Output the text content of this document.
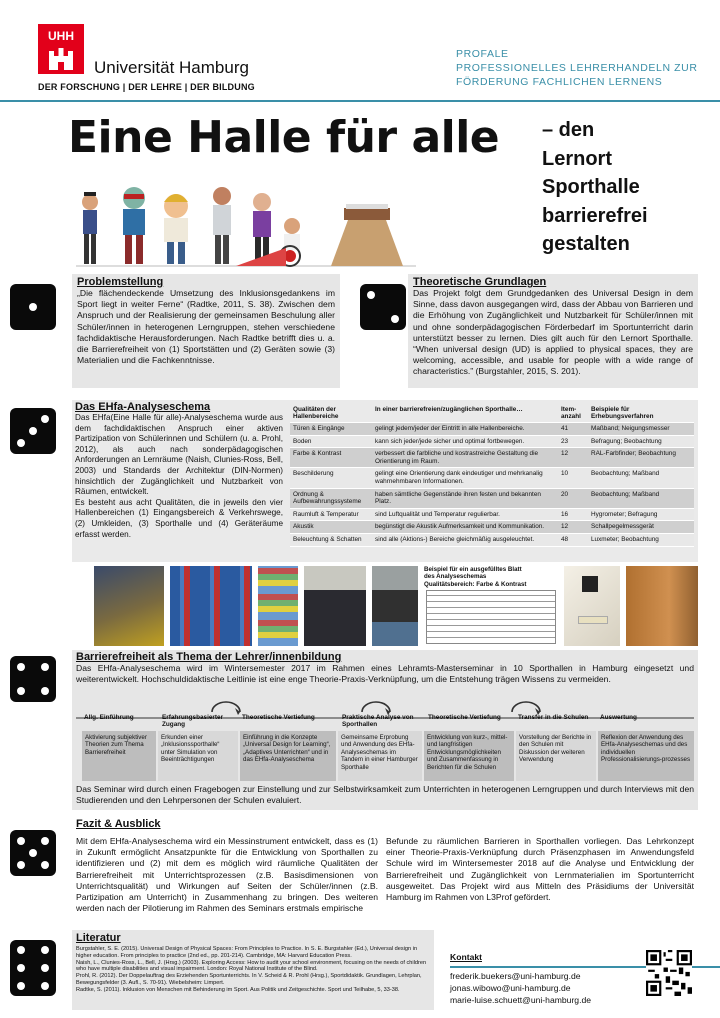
UHH
Universität Hamburg
DER FORSCHUNG | DER LEHRE | DER BILDUNG
PROFALE
PROFESSIONELLES LEHRERHANDELN ZUR
FÖRDERUNG FACHLICHEN LERNENS
Eine Halle für alle – den
Lernort
Sporthalle
barrierefrei
gestalten
Problemstellung
„Die flächendeckende Umsetzung des Inklusionsgedankens im Sport liegt in weiter Ferne“ (Radtke, 2011, S. 38). Zwischen dem Anspruch und der Realisierung der gemeinsamen Beschulung aller Schüler/innen in heterogenen Lerngruppen, stehen verschiedene fachdidaktische Herausforderungen. Nach Radtke betrifft dies u. a. die Barrierefreiheit von (1) Sportstätten und (2) Geräten sowie (3) Materialien und die Fachkenntnisse.
Theoretische Grundlagen
Das Projekt folgt dem Grundgedanken des Universal Design in dem Sinne, dass davon ausgegangen wird, dass der Abbau von Barrieren und die Erhöhung von Zugänglichkeit und Nutzbarkeit für Schüler/innen mit und ohne sonderpädagogischen Förderbedarf im Sportunterricht darin unterstützt besser zu lernen. Dies gilt auch für den Lernort Sporthalle. “When universal design (UD) is applied to physical spaces, they are welcoming, accessible, and usable for people with a wide range of characteristics.” (Burgstahler, 2015, S. 201).
Das EHfa-Analyseschema
Das EHfa(Eine Halle für alle)-Analyseschema wurde aus dem fachdidaktischen Anspruch einer aktiven Partizipation von Schülerinnen und Schülern (u. a. Prohl, 2012), als auch nach sonderpädagogischen Anforderungen an Lernräume (Naish, Clunies-Ross, Bell, 2003) und Standards der Architektur (DIN-Normen) hinsichtlich der Zugänglichkeit und Nutzbarkeit von Räumen, entwickelt.
Es besteht aus acht Qualitäten, die in jeweils den vier Hallenbereichen (1) Eingangsbereich & Verkehrswege, (2) Umkleiden, (3) Sporthalle und (4) Geräteräume erfasst werden.
Qualitäten der Hallenbereiche	In einer barrierefreien/zugänglichen Sporthalle…	Item-anzahl	Beispiele für Erhebungsverfahren
Türen & Eingänge	gelingt jedem/jeder der Eintritt in alle Hallenbereiche.	41	Maßband; Neigungsmesser
Boden	kann sich jeder/jede sicher und optimal fortbewegen.	23	Befragung; Beobachtung
Farbe & Kontrast	verbessert die farbliche und kostrastreiche Gestaltung die Orientierung im Raum.	12	RAL-Farbfinder; Beobachtung
Beschilderung	gelingt eine Orientierung dank eindeutiger und mehrkanalig wahrnehmbaren Informationen.	10	Beobachtung; Maßband
Ordnung & Aufbewahrungssysteme	haben sämtliche Gegenstände ihren festen und bekannten Platz.	20	Beobachtung; Maßband
Raumluft & Temperatur	sind Luftqualität und Temperatur regulierbar.	16	Hygrometer; Befragung
Akustik	begünstigt die Akustik Aufmerksamkeit und Kommunikation.	12	Schallpegelmessgerät
Beleuchtung & Schatten	sind alle (Aktions-) Bereiche gleichmäßig ausgeleuchtet.	48	Luxmeter; Beobachtung
Beispiel für ein ausgefülltes Blatt des Analyseschemas Qualitätsbereich: Farbe & Kontrast
Barrierefreiheit als Thema der Lehrer/innenbildung
Das EHfa-Analyseschema wird im Wintersemester 2017 im Rahmen eines Lehramts-Masterseminar in 10 Sporthallen in Hamburg eingesetzt und weiterentwickelt. Hochschuldidaktische Leitlinie ist eine enge Theorie-Praxis-Verknüpfung, um die Entstehung trägen Wissens zu vermeiden.
Das Seminar wird durch einen Fragebogen zur Einstellung und zur Selbstwirksamkeit zum Unterrichten in heterogenen Lerngruppen und durch Interviews mit den Studierenden und den Lehrpersonen der Schulen evaluiert.
Allg. Einführung	Erfahrungsbasierter Zugang
Theoretische Vertiefung	Praktische Analyse von Sporthallen
Theoretische Vertiefung	Transfer in die Schulen	Auswertung
Aktivierung subjektiver Theorien zum Thema Barrierefreiheit
Erkunden einer „Inklusionssporthalle“ unter Simulation von Beeinträchtigungen
Einführung in die Konzepte „Universal Design for Learning“, „Adaptives Unterrichten“ und in das EHfa-Analyseschema
Gemeinsame Erprobung und Anwendung des EHfa-Analyseschemas im Tandem in einer Hamburger Sporthalle
Entwicklung von kurz-, mittel- und langfristigen Entwicklungsmöglichkeiten und Zusammenfassung in Berichten für die Schulen
Vorstellung der Berichte in den Schulen mit Diskussion der weiteren Verwendung
Reflexion der Anwendung des EHfa-Analyseschemas und des individuellen Professionalisierungs-prozesses
Fazit & Ausblick
Mit dem EHfa-Analyseschema wird ein Messinstrument entwickelt, dass es (1) in Zukunft ermöglicht Ansatzpunkte für die Entwicklung von Sporthallen zu identifizieren und (2) mit dem es möglich wird räumliche Qualitäten der Barrierefreiheit mit Unterrichtsprozessen (z.B. Basisdimensionen von Unterrichtsqualität) und Wirkungen auf Seiten der Schüler/innen (z.B. Partizipation am Unterricht) in Zusammenhang zu bringen. Des weiteren werden nach der Pilotierung im Rahmen des Seminars erstmals empirische
Befunde zu räumlichen Barrieren in Sporthallen vorliegen. Das Lehrkonzept einer Theorie-Praxis-Verknüpfung durch Präsenzphasen im Anwendungsfeld Schule wird im Wintersemester 2018 auf die Analyse und Entwicklung der Barrierefreiheit und Zugänglichkeit von Lernmaterialien im Sportunterricht ausgeweitet. Das Projekt wird aus Mitteln des Präsidiums der Universität Hamburg im Rahmen von L3Prof gefördert.
Literatur
Burgstahler, S. E. (2015). Universal Design of Physical Spaces: From Principles to Practice. In S. E. Burgstahler (Ed.), Universal design in higher education. From principles to practice (2nd ed., pp. 201-214). Cambridge, MA: Harvard Education Press.
Naish, L., Clunies-Ross, L., Bell, J. (Hrsg.) (2003). Exploring Access: How to audit your school environment, focusing on the needs of children who have multiple disabilities and visual impairment. London: Royal National Institute of the Blind.
Prohl, R. (2012). Der Doppelauftrag des Erziehenden Sportunterrichts. In V. Scheid & R. Prohl (Hrsg.), Sportdidaktik. Grundlagen, Lehrplan, Bewegungsfelder (3. Aufl., S. 70-91). Wiebelsheim: Limpert.
Radtke, S. (2011). Inklusion von Menschen mit Behinderung im Sport. Aus Politik und Zeitgeschichte. Sport und Teilhabe, 5, 33-38.
Kontakt
frederik.buekers@uni-hamburg.de
jonas.wibowo@uni-hamburg.de
marie-luise.schuett@uni-hamburg.de
